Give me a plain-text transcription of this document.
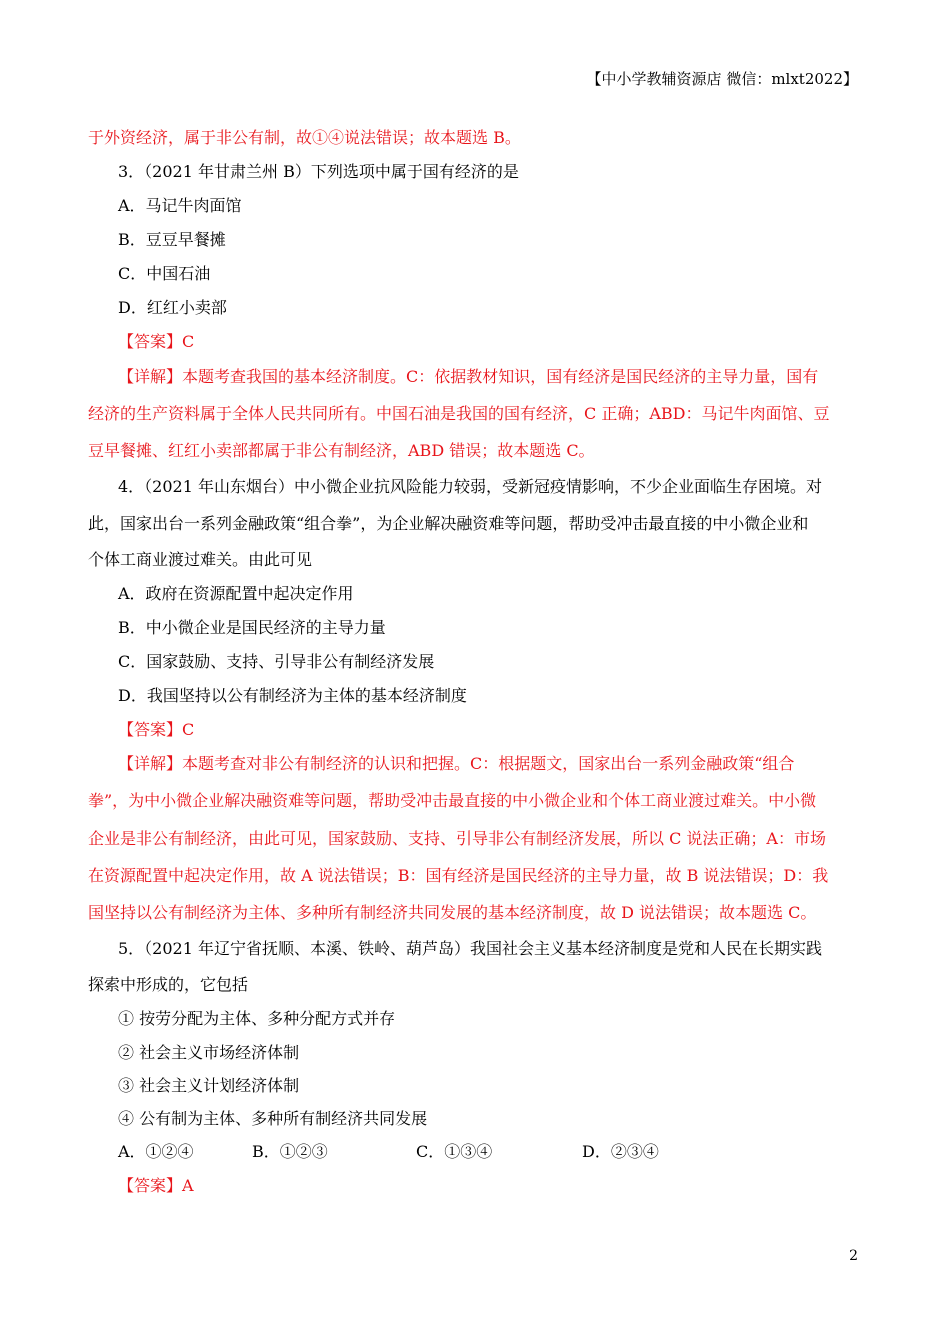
【中小学教辅资源店 微信：mlxt2022】
于外资经济，属于非公有制，故①④说法错误；故本题选 B。
3．（2021 年甘肃兰州 B）下列选项中属于国有经济的是
A．马记牛肉面馆
B．豆豆早餐摊
C．中国石油
D．红红小卖部
【答案】C
【详解】本题考查我国的基本经济制度。C：依据教材知识，国有经济是国民经济的主导力量，国有
经济的生产资料属于全体人民共同所有。中国石油是我国的国有经济，C 正确；ABD：马记牛肉面馆、豆
豆早餐摊、红红小卖部都属于非公有制经济，ABD 错误；故本题选 C。
4．（2021 年山东烟台）中小微企业抗风险能力较弱，受新冠疫情影响，不少企业面临生存困境。对
此，国家出台一系列金融政策“组合拳”，为企业解决融资难等问题，帮助受冲击最直接的中小微企业和
个体工商业渡过难关。由此可见
A．政府在资源配置中起决定作用
B．中小微企业是国民经济的主导力量
C．国家鼓励、支持、引导非公有制经济发展
D．我国坚持以公有制经济为主体的基本经济制度
【答案】C
【详解】本题考查对非公有制经济的认识和把握。C：根据题文，国家出台一系列金融政策“组合
拳”，为中小微企业解决融资难等问题，帮助受冲击最直接的中小微企业和个体工商业渡过难关。中小微
企业是非公有制经济，由此可见，国家鼓励、支持、引导非公有制经济发展，所以 C 说法正确；A：市场
在资源配置中起决定作用，故 A 说法错误；B：国有经济是国民经济的主导力量，故 B 说法错误；D：我
国坚持以公有制经济为主体、多种所有制经济共同发展的基本经济制度，故 D 说法错误；故本题选 C。
5．（2021 年辽宁省抚顺、本溪、铁岭、葫芦岛）我国社会主义基本经济制度是党和人民在长期实践
探索中形成的，它包括
① 按劳分配为主体、多种分配方式并存
② 社会主义市场经济体制
③ 社会主义计划经济体制
④ 公有制为主体、多种所有制经济共同发展
A．①②④	B．①②③	C．①③④	D．②③④
【答案】A
2
